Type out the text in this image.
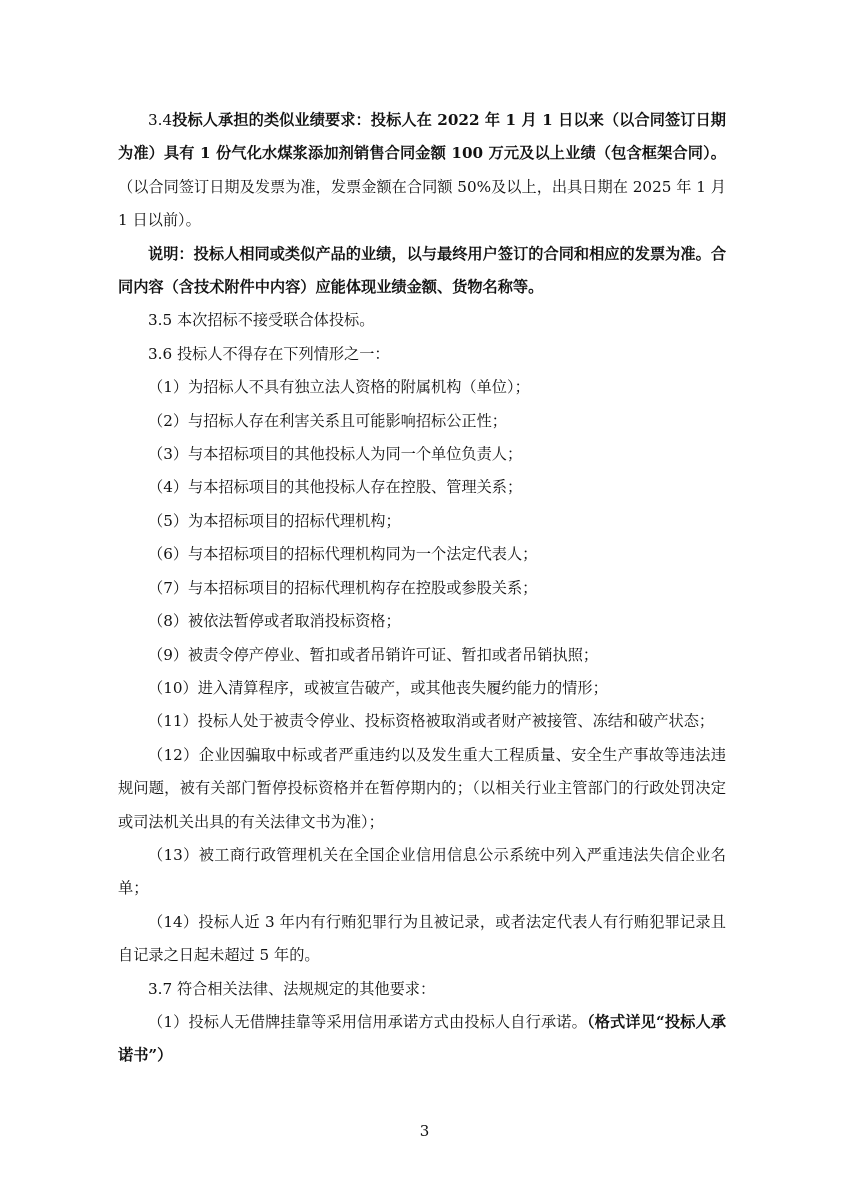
3.4投标人承担的类似业绩要求：投标人在 2022 年 1 月 1 日以来（以合同签订日期为准）具有 1 份气化水煤浆添加剂销售合同金额 100 万元及以上业绩（包含框架合同）。（以合同签订日期及发票为准，发票金额在合同额 50%及以上，出具日期在 2025 年 1 月 1 日以前）。

说明：投标人相同或类似产品的业绩，以与最终用户签订的合同和相应的发票为准。合同内容（含技术附件中内容）应能体现业绩金额、货物名称等。

3.5 本次招标不接受联合体投标。

3.6 投标人不得存在下列情形之一：

（1）为招标人不具有独立法人资格的附属机构（单位）；

（2）与招标人存在利害关系且可能影响招标公正性；

（3）与本招标项目的其他投标人为同一个单位负责人；

（4）与本招标项目的其他投标人存在控股、管理关系；

（5）为本招标项目的招标代理机构；

（6）与本招标项目的招标代理机构同为一个法定代表人；

（7）与本招标项目的招标代理机构存在控股或参股关系；

（8）被依法暂停或者取消投标资格；

（9）被责令停产停业、暂扣或者吊销许可证、暂扣或者吊销执照；

（10）进入清算程序，或被宣告破产，或其他丧失履约能力的情形；

（11）投标人处于被责令停业、投标资格被取消或者财产被接管、冻结和破产状态；

（12）企业因骗取中标或者严重违约以及发生重大工程质量、安全生产事故等违法违规问题，被有关部门暂停投标资格并在暂停期内的；（以相关行业主管部门的行政处罚决定或司法机关出具的有关法律文书为准）；

（13）被工商行政管理机关在全国企业信用信息公示系统中列入严重违法失信企业名单；

（14）投标人近 3 年内有行贿犯罪行为且被记录，或者法定代表人有行贿犯罪记录且自记录之日起未超过 5 年的。

3.7 符合相关法律、法规规定的其他要求：

（1）投标人无借牌挂靠等采用信用承诺方式由投标人自行承诺。（格式详见“投标人承诺书”）

3
